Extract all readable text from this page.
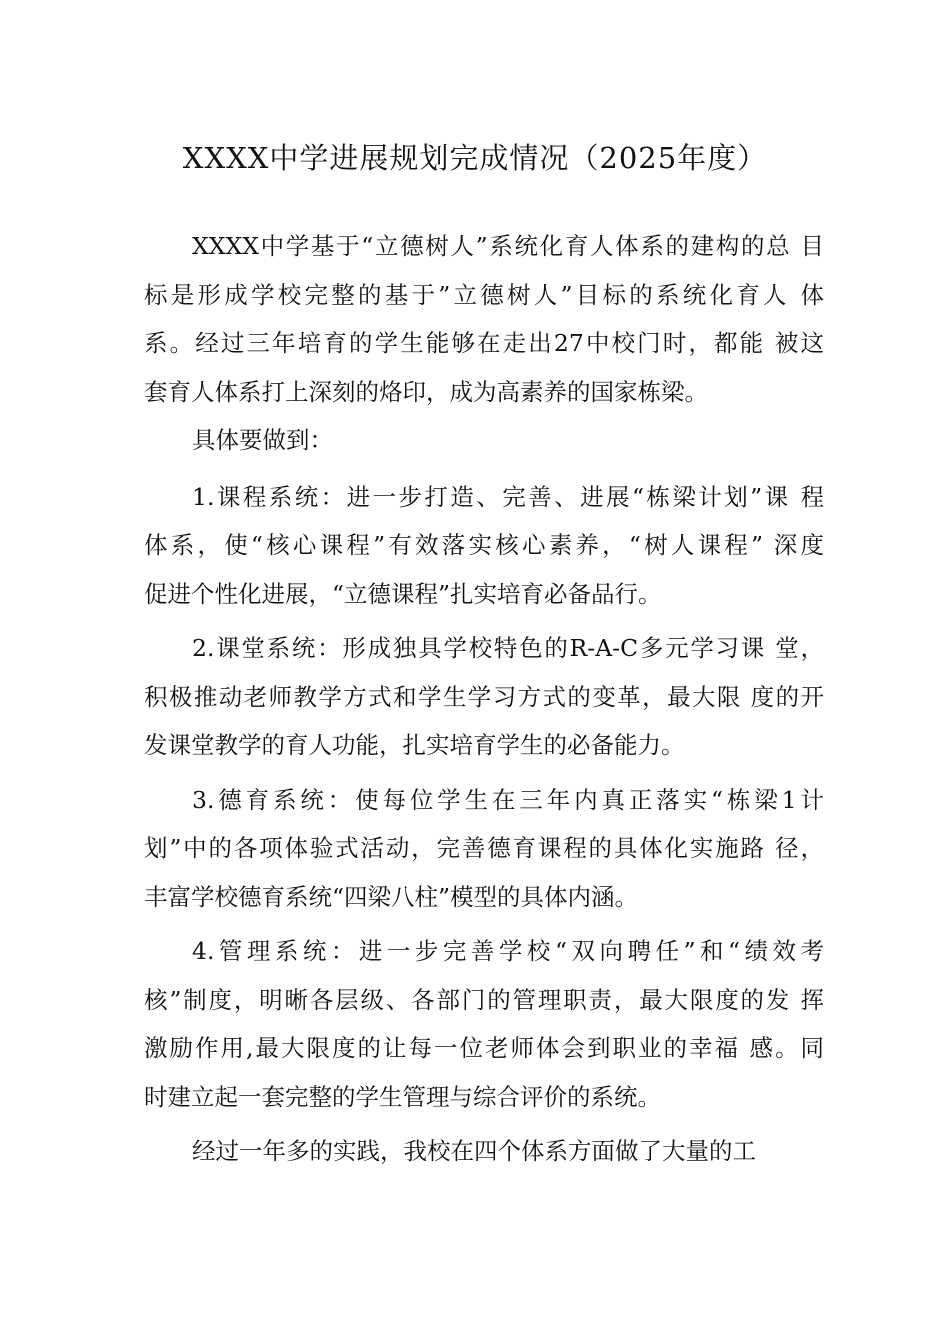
XXXX中学进展规划完成情况（2025年度）
XXXX中学基于“立德树人”系统化育人体系的建构的总 目
标是形成学校完整的基于”立德树人”目标的系统化育人 体
系。经过三年培育的学生能够在走出27中校门时，都能 被这
套育人体系打上深刻的烙印，成为高素养的国家栋梁。
具体要做到：
1.课程系统：进一步打造、完善、进展“栋梁计划”课 程
体系，使“核心课程”有效落实核心素养，“树人课程” 深度
促进个性化进展，“立德课程”扎实培育必备品行。
2.课堂系统：形成独具学校特色的R-A-C多元学习课 堂，
积极推动老师教学方式和学生学习方式的变革，最大限 度的开
发课堂教学的育人功能，扎实培育学生的必备能力。
3.德育系统：使每位学生在三年内真正落实“栋梁1计
划”中的各项体验式活动，完善德育课程的具体化实施路 径，
丰富学校德育系统“四梁八柱”模型的具体内涵。
4.管理系统：进一步完善学校“双向聘任”和“绩效考
核”制度，明晰各层级、各部门的管理职责，最大限度的发 挥
激励作用,最大限度的让每一位老师体会到职业的幸福 感。同
时建立起一套完整的学生管理与综合评价的系统。
经过一年多的实践，我校在四个体系方面做了大量的工
